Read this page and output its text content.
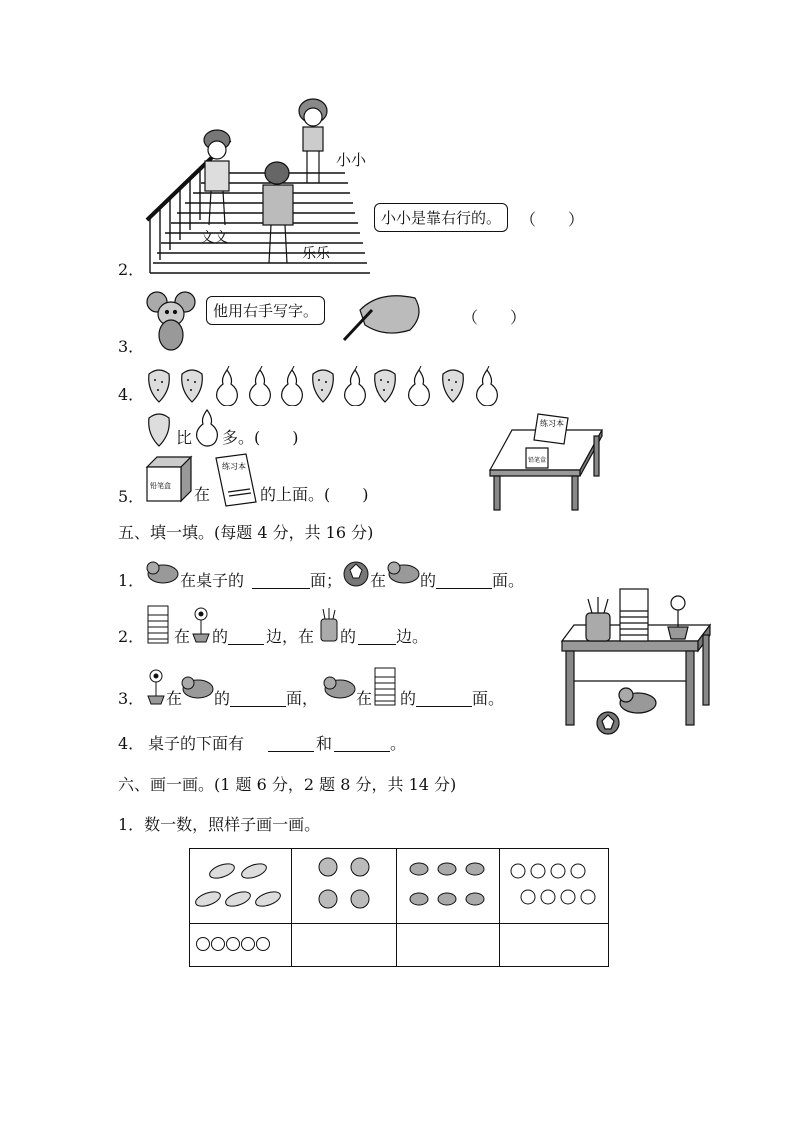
2．
小小
文文
乐乐
小小是靠右行的。	（　　）
3．
他用右手写字。	（　　）
4．
比 多。(　　)
5．
铅笔盒 在
练习本
的上面。(　　)
练习本
铅笔盒
五、填一填。(每题 4 分，共 16 分)
1． 在桌子的	面； 在 的	面。
2． 在 的 边，在 的 边。
3． 在 的	面， 在 的	面。
4． 桌子的下面有	和	。
六、画一画。(1 题 6 分，2 题 8 分，共 14 分)
1．数一数，照样子画一画。
